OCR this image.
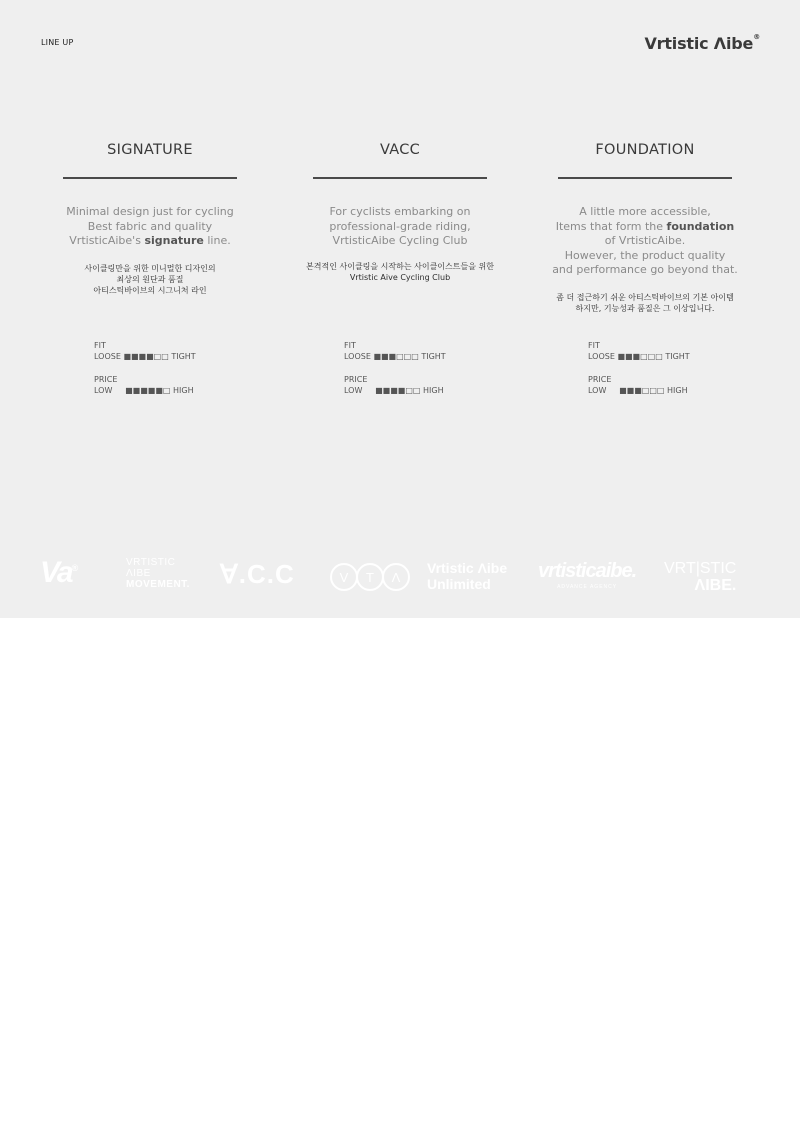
LINE UP	Vrtistic Λibe®
SIGNATURE
Minimal design just for cycling
Best fabric and quality
VrtisticAibe's signature line.
사이클링만을 위한 미니멀한 디자인의
최상의 원단과 품질
아티스틱바이브의 시그니처 라인
VACC
For cyclists embarking on
professional-grade riding,
VrtisticAibe Cycling Club
본격적인 사이클링을 시작하는 사이클이스트들을 위한
Vrtistic Aive Cycling Club
FOUNDATION
A little more accessible,
Items that form the foundation
of VrtisticAibe.
However, the product quality
and performance go beyond that.
좀 더 접근하기 쉬운 아티스틱바이브의 기본 아이템
하지만, 기능성과 품질은 그 이상입니다.
FIT
LOOSE ■■■■□□ TIGHT
PRICE
LOW     ■■■■■□ HIGH
FIT
LOOSE ■■■□□□ TIGHT
PRICE
LOW     ■■■■□□ HIGH
FIT
LOOSE ■■■□□□ TIGHT
PRICE
LOW     ■■■□□□ HIGH
Va®	VRTISTIC
ΛIBE
MOVEMENT. ∀.C.C	V T Λ
Vrtistic Λibe
Unlimited
vrtisticaibe.
ADVANCE AGENCY
VRT|STIC
ΛIBE.
